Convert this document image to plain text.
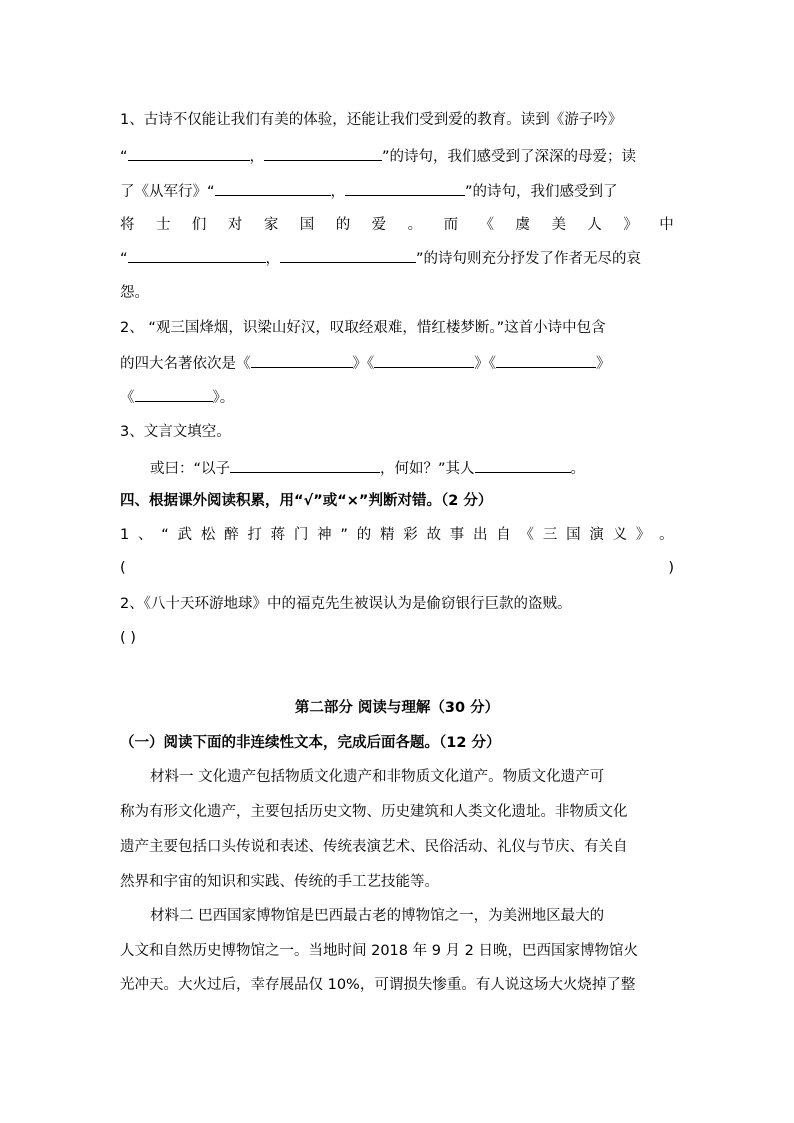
1、古诗不仅能让我们有美的体验，还能让我们受到爱的教育。读到《游子吟》
“	，	”的诗句，我们感受到了深深的母爱；读
了《从军行》“	，	”的诗句，我们感受到了
将 士 们 对 家 国 的 爱 。 而 《 虞 美 人 》 中
“	，	”的诗句则充分抒发了作者无尽的哀
怨。
2、 “观三国烽烟，识梁山好汉，叹取经艰难，惜红楼梦断。”这首小诗中包含
的四大名著依次是《	》《	》《	》
《	》。
3、文言文填空。
或曰：“以子	，何如？”其人	。
四、根据课外阅读积累，用“√”或“×”判断对错。（2 分）
1 、 “ 武 松 醉 打 蒋 门 神 ” 的 精 彩 故 事 出 自 《 三 国 演 义 》 。
(	)
2、《八十天环游地球》中的福克先生被误认为是偷窃银行巨款的盗贼。
( )
第二部分 阅读与理解（30 分）
（一）阅读下面的非连续性文本，完成后面各题。（12 分）
材料一 文化遗产包括物质文化遗产和非物质文化道产。物质文化遗产可
称为有形文化遗产，主要包括历史文物、历史建筑和人类文化遗址。非物质文化
遗产主要包括口头传说和表述、传统表演艺术、民俗活动、礼仪与节庆、有关自
然界和宇宙的知识和实践、传统的手工艺技能等。
材料二 巴西国家博物馆是巴西最古老的博物馆之一，为美洲地区最大的
人文和自然历史博物馆之一。当地时间 2018 年 9 月 2 日晚，巴西国家博物馆火
光冲天。大火过后，幸存展品仅 10%，可谓损失惨重。有人说这场大火烧掉了整
